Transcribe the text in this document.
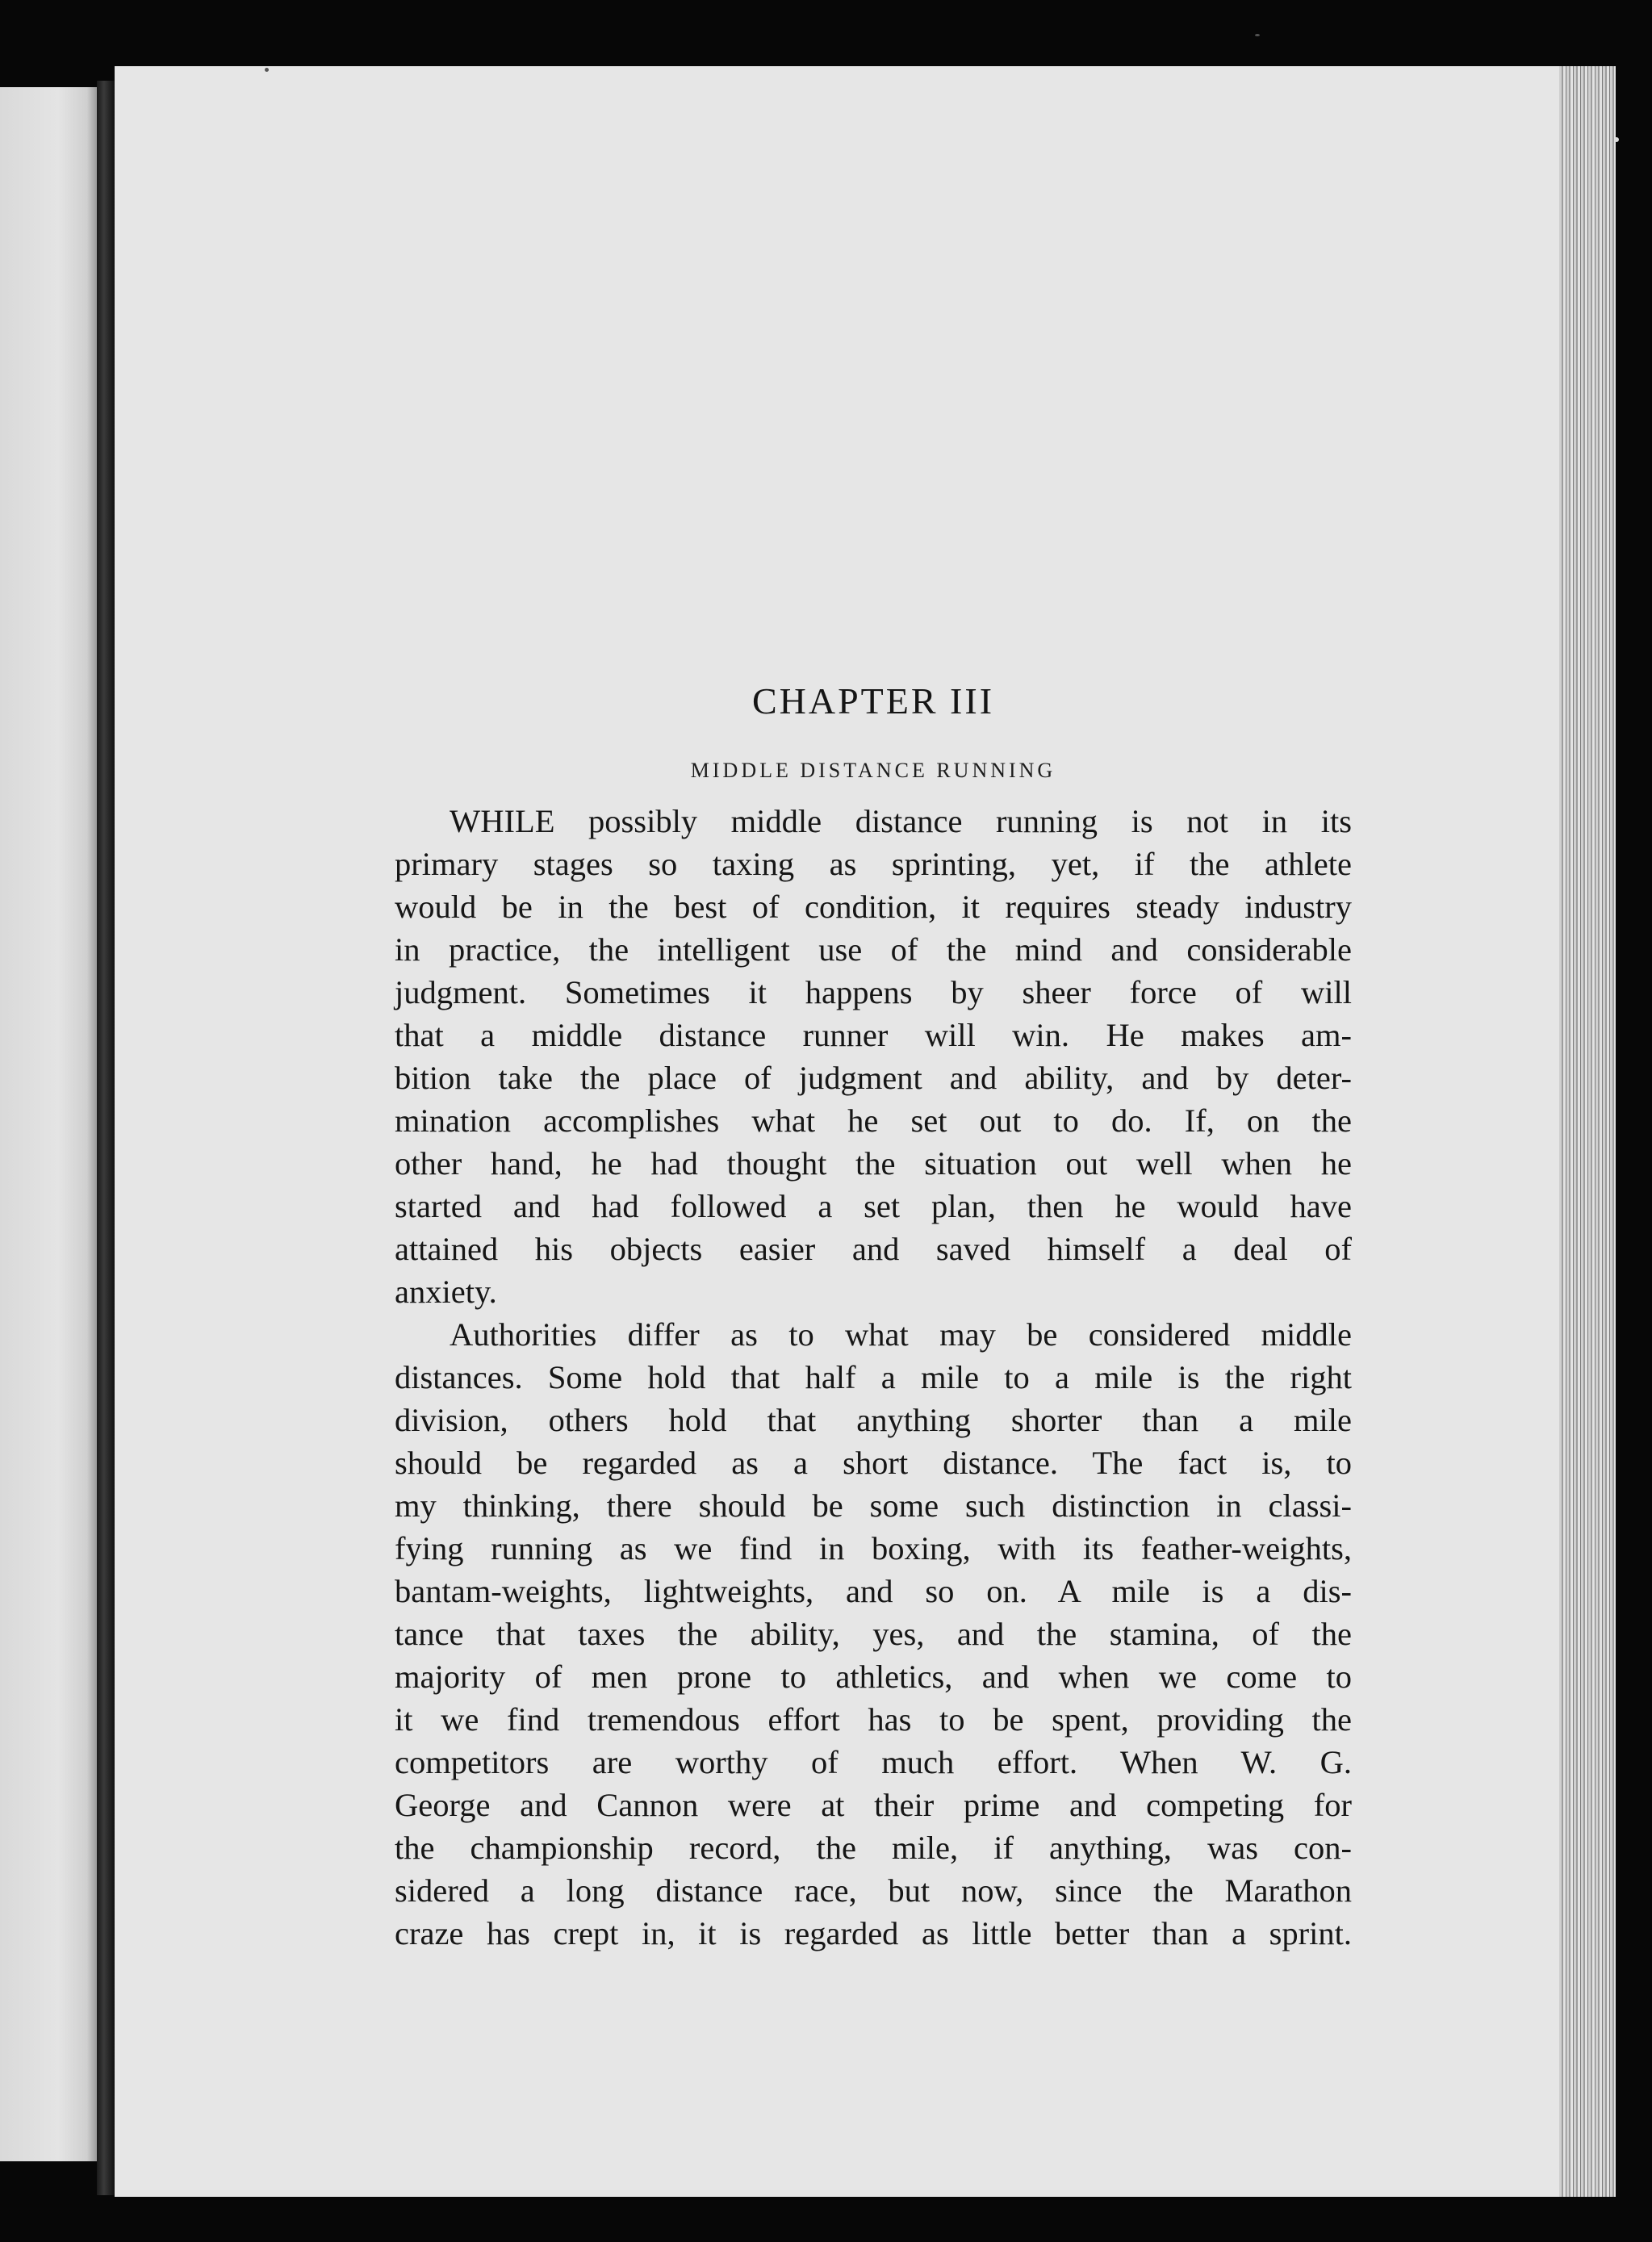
CHAPTER III
MIDDLE DISTANCE RUNNING
WHILE possibly middle distance running is not in its
primary stages so taxing as sprinting, yet, if the athlete
would be in the best of condition, it requires steady industry
in practice, the intelligent use of the mind and considerable
judgment. Sometimes it happens by sheer force of will
that a middle distance runner will win. He makes am-
bition take the place of judgment and ability, and by deter-
mination accomplishes what he set out to do. If, on the
other hand, he had thought the situation out well when he
started and had followed a set plan, then he would have
attained his objects easier and saved himself a deal of
anxiety.
Authorities differ as to what may be considered middle
distances. Some hold that half a mile to a mile is the right
division, others hold that anything shorter than a mile
should be regarded as a short distance. The fact is, to
my thinking, there should be some such distinction in classi-
fying running as we find in boxing, with its feather-weights,
bantam-weights, lightweights, and so on. A mile is a dis-
tance that taxes the ability, yes, and the stamina, of the
majority of men prone to athletics, and when we come to
it we find tremendous effort has to be spent, providing the
competitors are worthy of much effort. When W. G.
George and Cannon were at their prime and competing for
the championship record, the mile, if anything, was con-
sidered a long distance race, but now, since the Marathon
craze has crept in, it is regarded as little better than a sprint.
